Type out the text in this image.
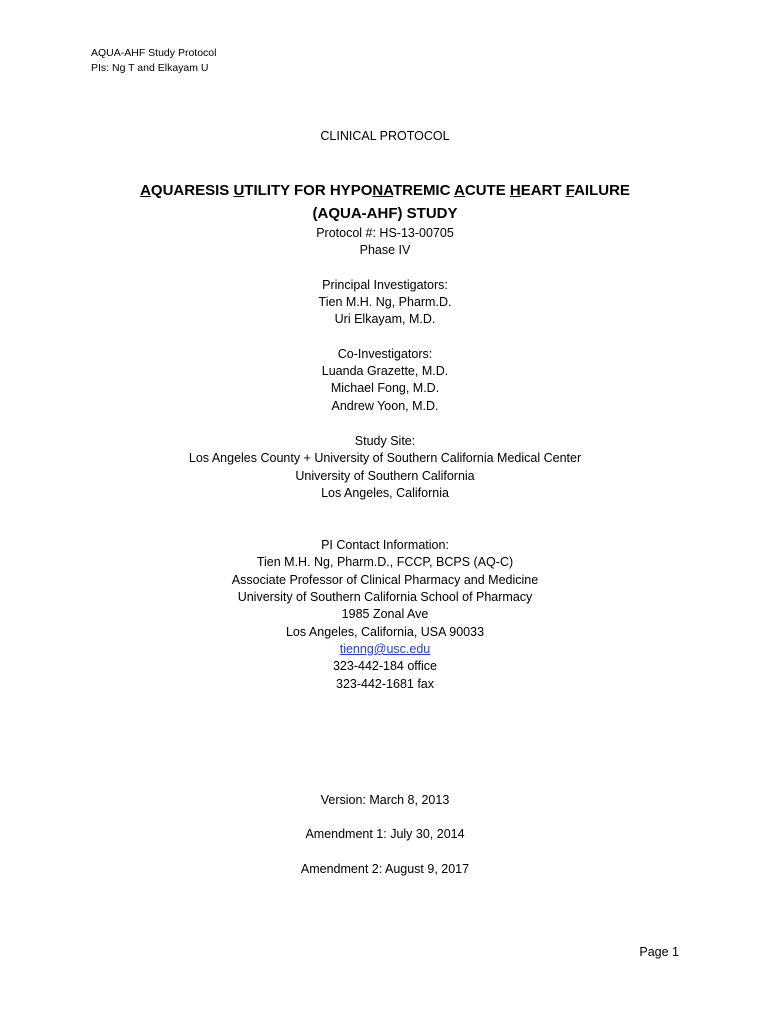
AQUA-AHF Study Protocol
PIs: Ng T and Elkayam U
CLINICAL PROTOCOL
AQUARESIS UTILITY FOR HYPONATREMIC ACUTE HEART FAILURE
(AQUA-AHF) STUDY
Protocol #: HS-13-00705
Phase IV
Principal Investigators:
Tien M.H. Ng, Pharm.D.
Uri Elkayam, M.D.
Co-Investigators:
Luanda Grazette, M.D.
Michael Fong, M.D.
Andrew Yoon, M.D.
Study Site:
Los Angeles County + University of Southern California Medical Center
University of Southern California
Los Angeles, California
PI Contact Information:
Tien M.H. Ng, Pharm.D., FCCP, BCPS (AQ-C)
Associate Professor of Clinical Pharmacy and Medicine
University of Southern California School of Pharmacy
1985 Zonal Ave
Los Angeles, California, USA 90033
tienng@usc.edu
323-442-184 office
323-442-1681 fax
Version: March 8, 2013
Amendment 1: July 30, 2014
Amendment 2: August 9, 2017
Page 1
